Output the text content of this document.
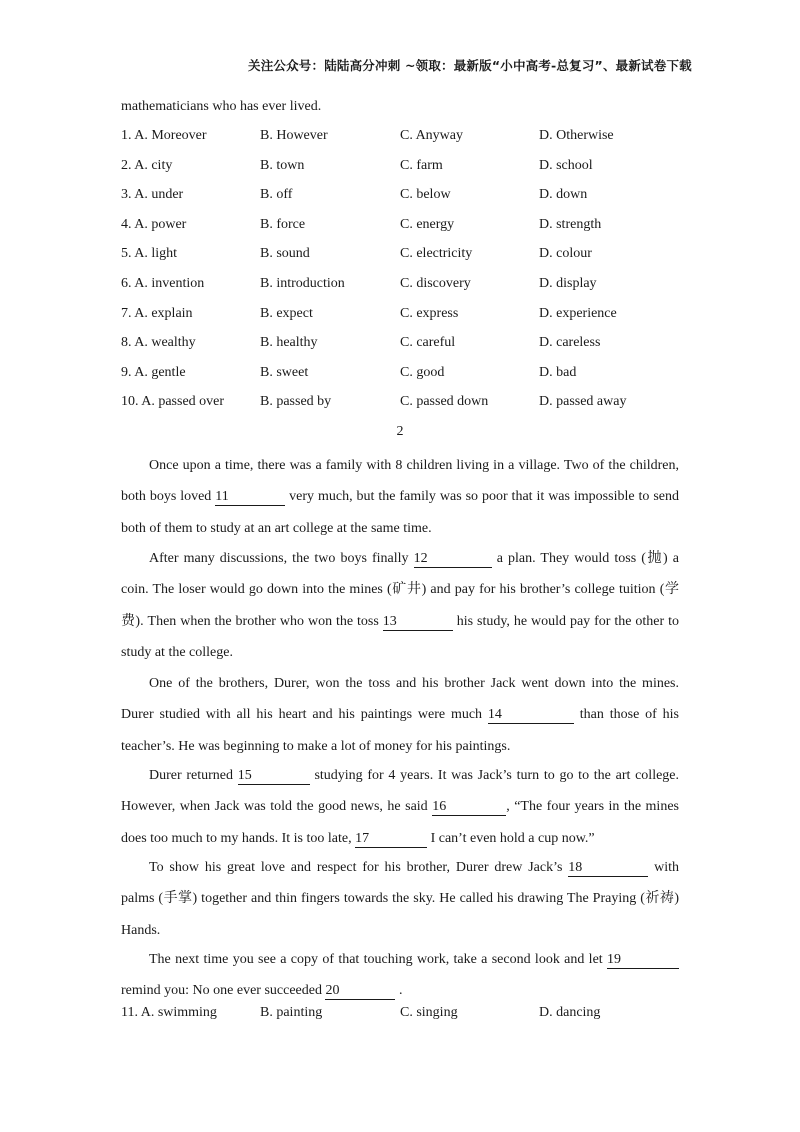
关注公众号：陆陆高分冲刺 ~领取：最新版“小中高考-总复习”、最新试卷下载
mathematicians who has ever lived.
1. A. Moreover	B. However	C. Anyway	D. Otherwise
2. A. city	B. town	C. farm	D. school
3. A. under	B. off	C. below	D. down
4. A. power	B. force	C. energy	D. strength
5. A. light	B. sound	C. electricity	D. colour
6. A. invention	B. introduction	C. discovery	D. display
7. A. explain	B. expect	C. express	D. experience
8. A. wealthy	B. healthy	C. careful	D. careless
9. A. gentle	B. sweet	C. good	D. bad
10. A. passed over	B. passed by	C. passed down	D. passed away
2
Once upon a time, there was a family with 8 children living in a village. Two of the children,
both boys loved 11	very much, but the family was so poor that it was impossible to send
both of them to study at an art college at the same time.
After many discussions, the two boys finally 12	a plan. They would toss (抛) a
coin. The loser would go down into the mines (矿井) and pay for his brother’s college tuition (学
费). Then when the brother who won the toss 13	his study, he would pay for the other to
study at the college.
One of the brothers, Durer, won the toss and his brother Jack went down into the mines.
Durer studied with all his heart and his paintings were much 14	than those of his
teacher’s. He was beginning to make a lot of money for his paintings.
Durer returned 15	studying for 4 years. It was Jack’s turn to go to the art college.
However, when Jack was told the good news, he said 16	, “The four years in the mines
does too much to my hands. It is too late, 17	I can’t even hold a cup now.”
To show his great love and respect for his brother, Durer drew Jack’s 18	with
palms (手掌) together and thin fingers towards the sky. He called his drawing The Praying (祈祷)
Hands.
The next time you see a copy of that touching work, take a second look and let 19
remind you: No one ever succeeded 20	.
11. A. swimming	B. painting	C. singing	D. dancing
